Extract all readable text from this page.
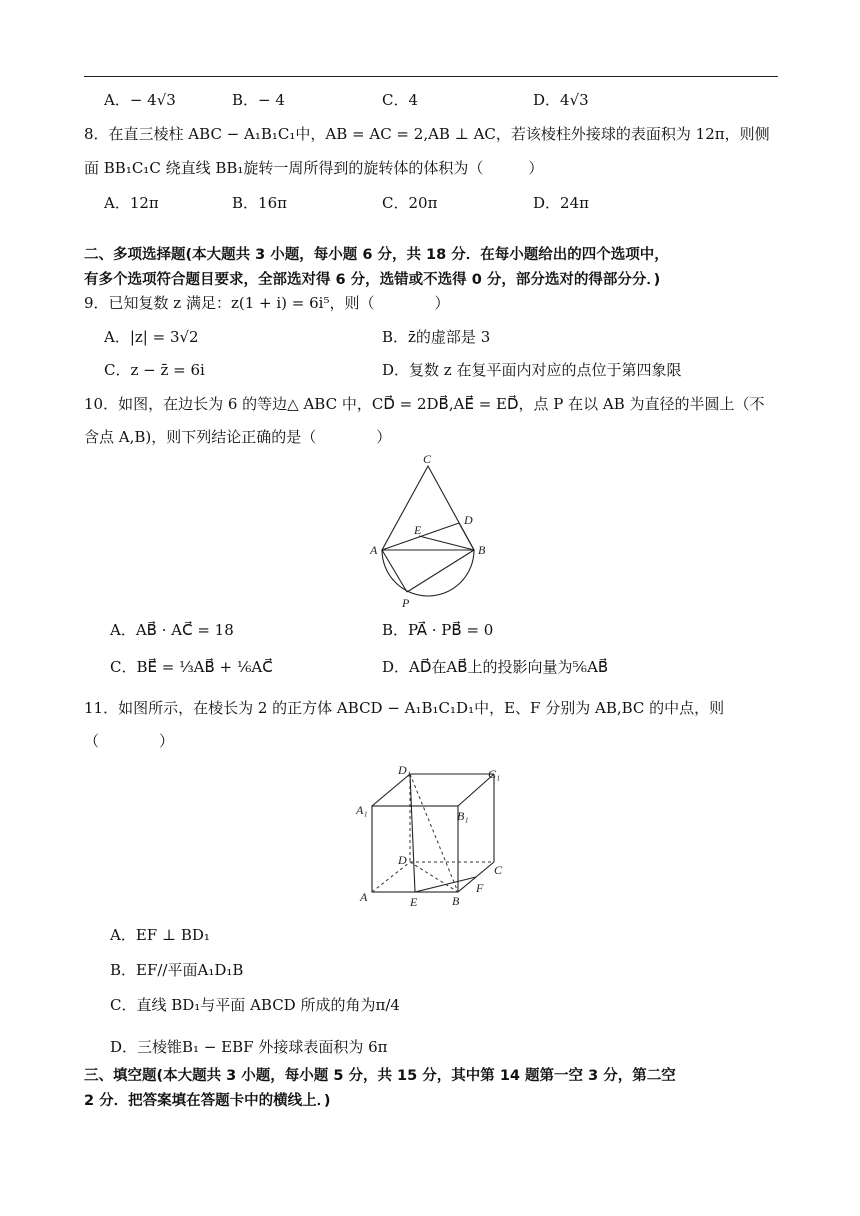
A．− 4√3	B．− 4	C．4	D．4√3
8．在直三棱柱 ABC − A₁B₁C₁中，AB = AC = 2,AB ⊥ AC，若该棱柱外接球的表面积为 12π，则侧
面 BB₁C₁C 绕直线 BB₁旋转一周所得到的旋转体的体积为（　　　）
A．12π	B．16π	C．20π	D．24π
二、多项选择题(本大题共 3 小题，每小题 6 分，共 18 分．在每小题给出的四个选项中，
有多个选项符合题目要求，全部选对得 6 分，选错或不选得 0 分，部分选对的得部分分．)
9．已知复数 z 满足：z(1 + i) = 6i⁵，则（　　　　）
A．|z| = 3√2	B．z̄的虚部是 3
C．z − z̄ = 6i	D．复数 z 在复平面内对应的点位于第四象限
10．如图，在边长为 6 的等边△ ABC 中，CD⃗ = 2DB⃗,AE⃗ = ED⃗，点 P 在以 AB 为直径的半圆上（不
含点 A,B)，则下列结论正确的是（　　　　）
C
D
E
A	B
P
A．AB⃗ · AC⃗ = 18	B．PA⃗ · PB⃗ = 0
C．BE⃗ = ⅓AB⃗ + ⅙AC⃗	D．AD⃗在AB⃗上的投影向量为⅚AB⃗
11．如图所示，在棱长为 2 的正方体 ABCD − A₁B₁C₁D₁中，E、F 分别为 AB,BC 的中点，则
（　　　　）
D₁	C₁
A₁	B₁
D
C
A	E	B
F
A．EF ⊥ BD₁
B．EF//平面A₁D₁B
C．直线 BD₁与平面 ABCD 所成的角为π/4
D．三棱锥B₁ − EBF 外接球表面积为 6π
三、填空题(本大题共 3 小题，每小题 5 分，共 15 分，其中第 14 题第一空 3 分，第二空
2 分．把答案填在答题卡中的横线上．)
